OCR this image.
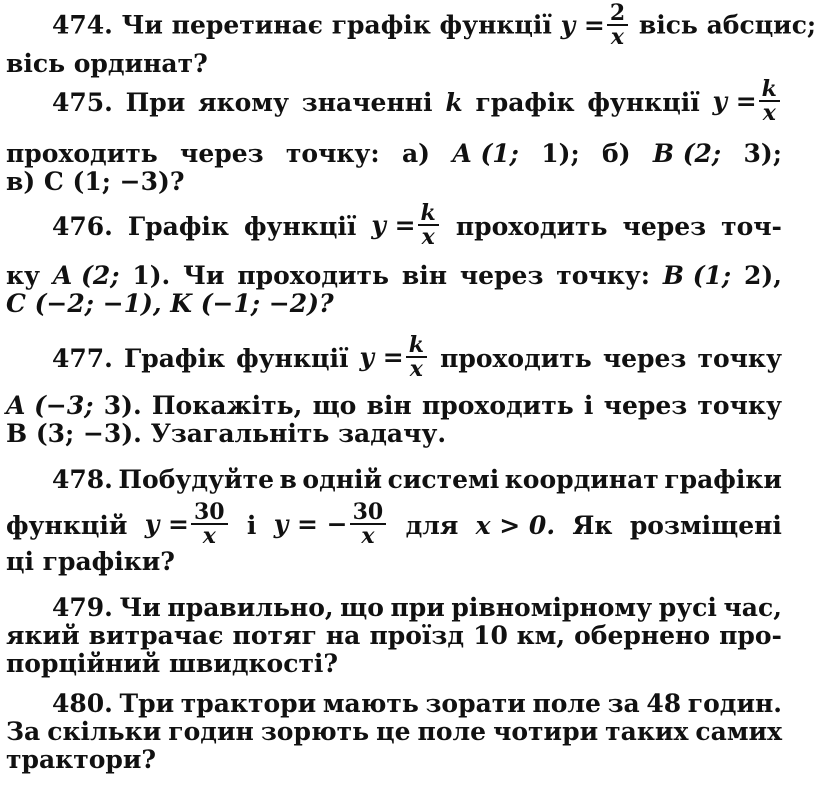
474. Чи перетинає графік функції $y = \frac{2}{x}$ вісь абсцис;
вісь ординат?
475. При якому значенні k графік функції $y = \frac{k}{x}$
проходить через точку: а) A (1; 1); б) B (2; 3);
в) C (1; −3)?
476. Графік функції $y = \frac{k}{x}$ проходить через точ-
ку A (2; 1). Чи проходить він через точку: B (1; 2),
C (−2; −1), K (−1; −2)?
477. Графік функції $y = \frac{k}{x}$ проходить через точку
A (−3; 3). Покажіть, що він проходить і через точку
B (3; −3). Узагальніть задачу.
478. Побудуйте в одній системі координат графіки
функцій $y = \frac{30}{x}$ і y = − $\frac{30}{x}$ для x > 0. Як розміщені
ці графіки?
479. Чи правильно, що при рівномірному русі час,
який витрачає потяг на проїзд 10 км, обернено про-
порційний швидкості?
480. Три трактори мають зорати поле за 48 годин.
За скільки годин зорють це поле чотири таких самих
трактори?
